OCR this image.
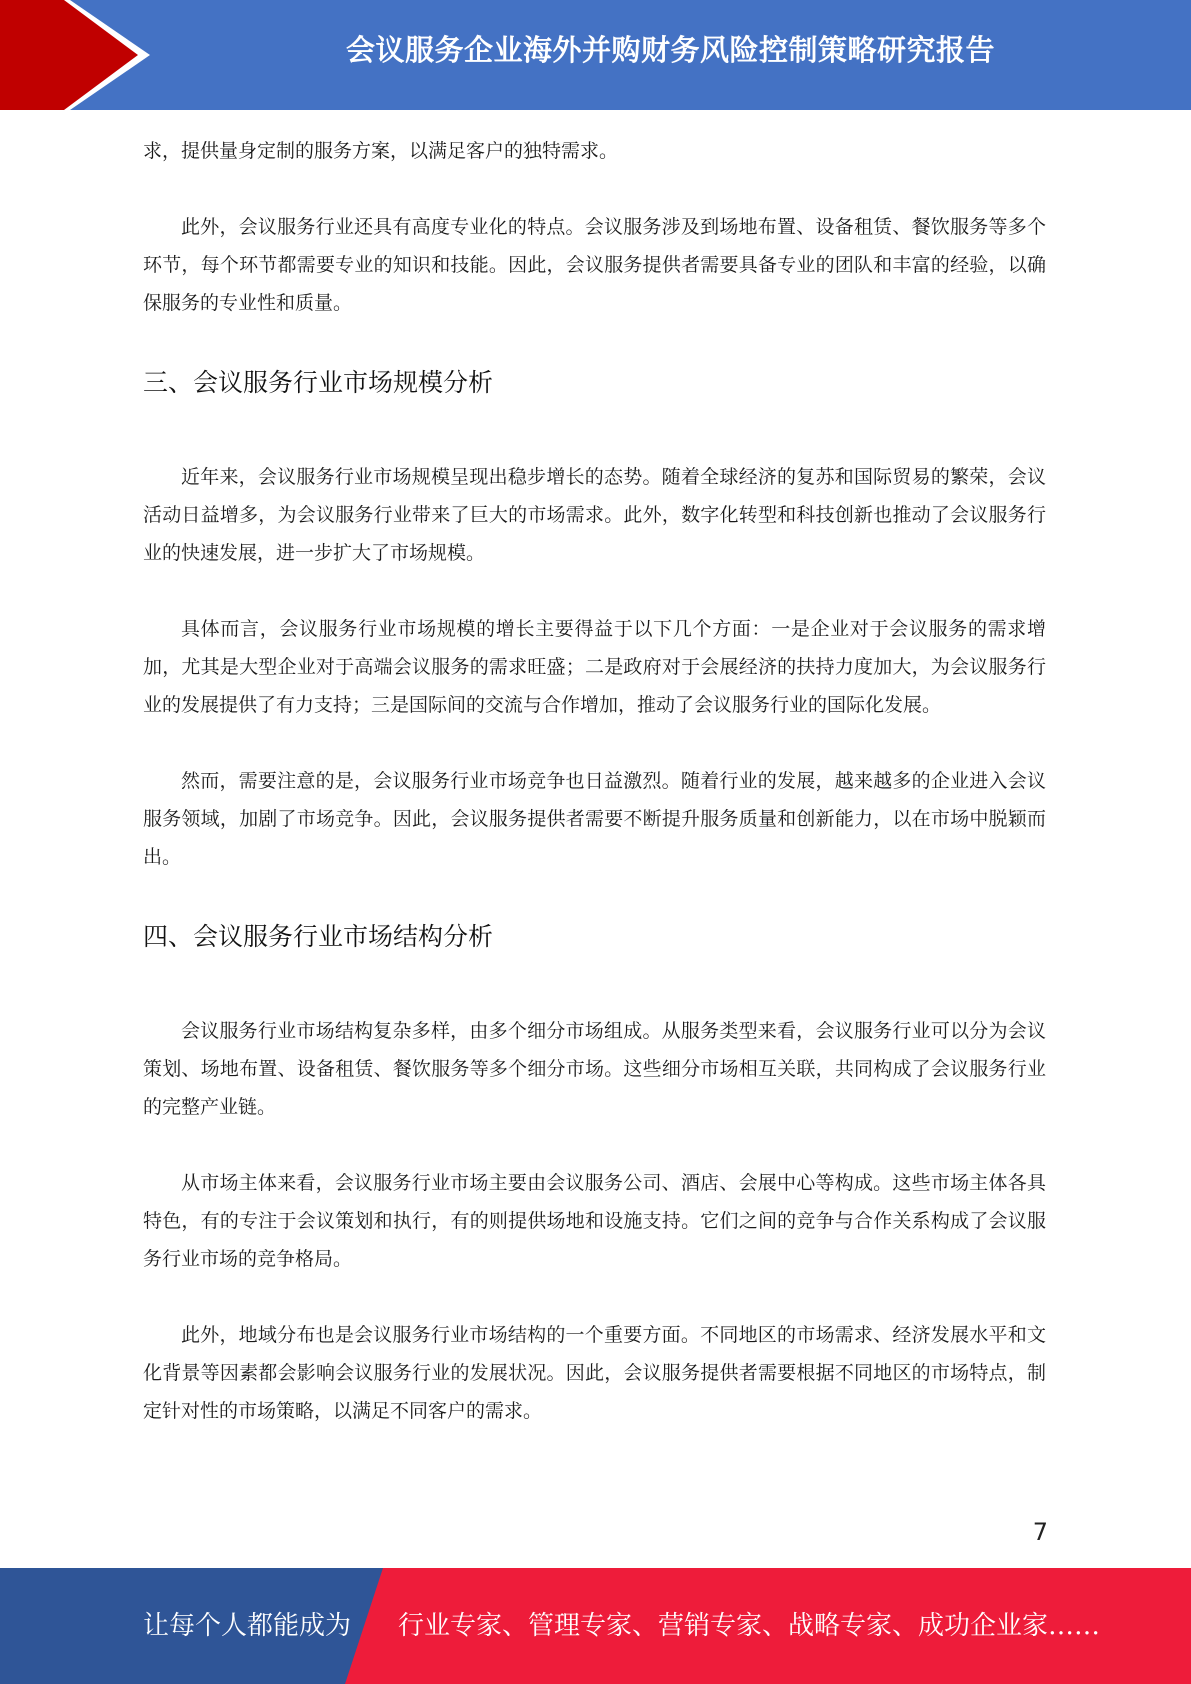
会议服务企业海外并购财务风险控制策略研究报告

求，提供量身定制的服务方案，以满足客户的独特需求。

此外，会议服务行业还具有高度专业化的特点。会议服务涉及到场地布置、设备租赁、餐饮服务等多个环节，每个环节都需要专业的知识和技能。因此，会议服务提供者需要具备专业的团队和丰富的经验，以确保服务的专业性和质量。

三、会议服务行业市场规模分析

近年来，会议服务行业市场规模呈现出稳步增长的态势。随着全球经济的复苏和国际贸易的繁荣，会议活动日益增多，为会议服务行业带来了巨大的市场需求。此外，数字化转型和科技创新也推动了会议服务行业的快速发展，进一步扩大了市场规模。

具体而言，会议服务行业市场规模的增长主要得益于以下几个方面：一是企业对于会议服务的需求增加，尤其是大型企业对于高端会议服务的需求旺盛；二是政府对于会展经济的扶持力度加大，为会议服务行业的发展提供了有力支持；三是国际间的交流与合作增加，推动了会议服务行业的国际化发展。

然而，需要注意的是，会议服务行业市场竞争也日益激烈。随着行业的发展，越来越多的企业进入会议服务领域，加剧了市场竞争。因此，会议服务提供者需要不断提升服务质量和创新能力，以在市场中脱颖而出。

四、会议服务行业市场结构分析

会议服务行业市场结构复杂多样，由多个细分市场组成。从服务类型来看，会议服务行业可以分为会议策划、场地布置、设备租赁、餐饮服务等多个细分市场。这些细分市场相互关联，共同构成了会议服务行业的完整产业链。

从市场主体来看，会议服务行业市场主要由会议服务公司、酒店、会展中心等构成。这些市场主体各具特色，有的专注于会议策划和执行，有的则提供场地和设施支持。它们之间的竞争与合作关系构成了会议服务行业市场的竞争格局。

此外，地域分布也是会议服务行业市场结构的一个重要方面。不同地区的市场需求、经济发展水平和文化背景等因素都会影响会议服务行业的发展状况。因此，会议服务提供者需要根据不同地区的市场特点，制定针对性的市场策略，以满足不同客户的需求。

7
让每个人都能成为 行业专家、管理专家、营销专家、战略专家、成功企业家……
